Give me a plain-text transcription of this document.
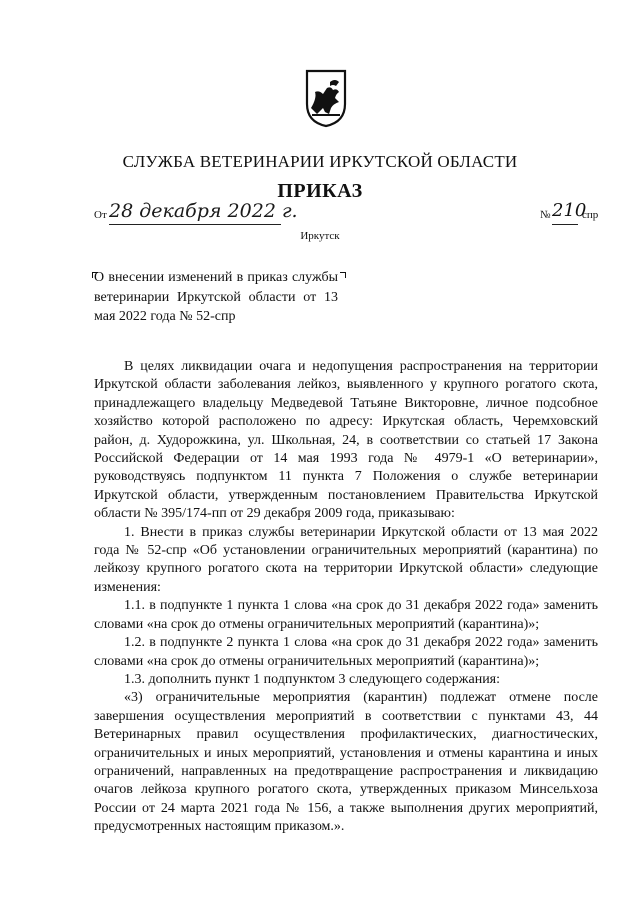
СЛУЖБА ВЕТЕРИНАРИИ ИРКУТСКОЙ ОБЛАСТИ
ПРИКАЗ
От 28 декабря 2022 г.	№ 210
спр
Иркутск
О внесении изменений в приказ службы ветеринарии Иркутской области от 13 мая 2022 года № 52-спр

В целях ликвидации очага и недопущения распространения на территории Иркутской области заболевания лейкоз, выявленного у крупного рогатого скота, принадлежащего владельцу Медведевой Татьяне Викторовне, личное подсобное хозяйство которой расположено по адресу: Иркутская область, Черемховский район, д. Худорожкина, ул. Школьная, 24, в соответствии со статьей 17 Закона Российской Федерации от 14 мая 1993 года № 4979-1 «О ветеринарии», руководствуясь подпунктом 11 пункта 7 Положения о службе ветеринарии Иркутской области, утвержденным постановлением Правительства Иркутской области № 395/174-пп от 29 декабря 2009 года, приказываю:

1. Внести в приказ службы ветеринарии Иркутской области от 13 мая 2022 года № 52-спр «Об установлении ограничительных мероприятий (карантина) по лейкозу крупного рогатого скота на территории Иркутской области» следующие изменения:

1.1. в подпункте 1 пункта 1 слова «на срок до 31 декабря 2022 года» заменить словами «на срок до отмены ограничительных мероприятий (карантина)»;

1.2. в подпункте 2 пункта 1 слова «на срок до 31 декабря 2022 года» заменить словами «на срок до отмены ограничительных мероприятий (карантина)»;

1.3. дополнить пункт 1 подпунктом 3 следующего содержания:

«3) ограничительные мероприятия (карантин) подлежат отмене после завершения осуществления мероприятий в соответствии с пунктами 43, 44 Ветеринарных правил осуществления профилактических, диагностических, ограничительных и иных мероприятий, установления и отмены карантина и иных ограничений, направленных на предотвращение распространения и ликвидацию очагов лейкоза крупного рогатого скота, утвержденных приказом Минсельхоза России от 24 марта 2021 года № 156, а также выполнения других мероприятий, предусмотренных настоящим приказом.».
